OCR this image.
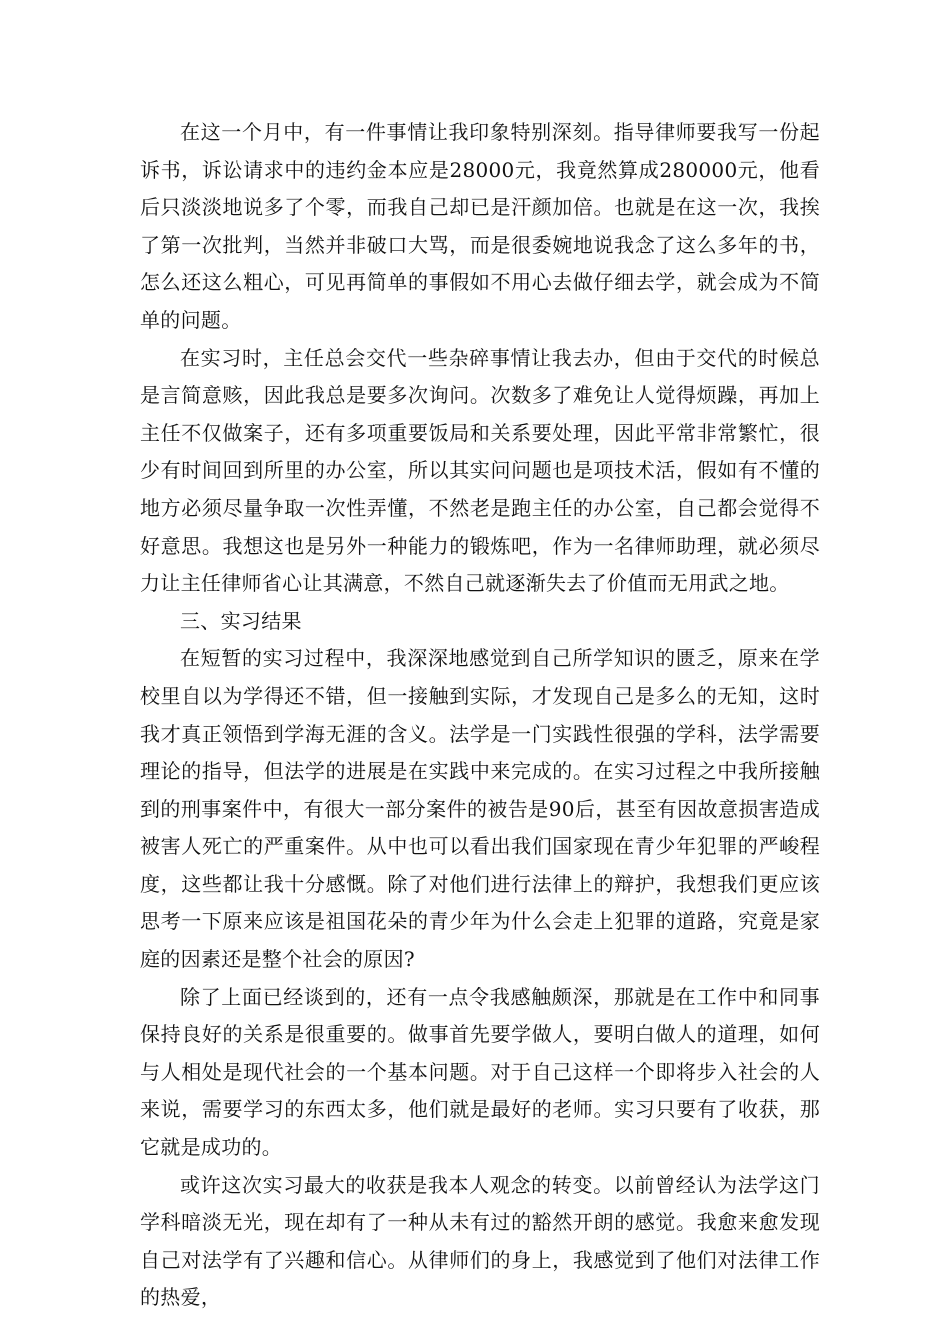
在这一个月中，有一件事情让我印象特别深刻。指导律师要我写一份起诉书，诉讼请求中的违约金本应是28000元，我竟然算成280000元，他看后只淡淡地说多了个零，而我自己却已是汗颜加倍。也就是在这一次，我挨了第一次批判，当然并非破口大骂，而是很委婉地说我念了这么多年的书，怎么还这么粗心，可见再简单的事假如不用心去做仔细去学，就会成为不简单的问题。

在实习时，主任总会交代一些杂碎事情让我去办，但由于交代的时候总是言简意赅，因此我总是要多次询问。次数多了难免让人觉得烦躁，再加上主任不仅做案子，还有多项重要饭局和关系要处理，因此平常非常繁忙，很少有时间回到所里的办公室，所以其实问问题也是项技术活，假如有不懂的地方必须尽量争取一次性弄懂，不然老是跑主任的办公室，自己都会觉得不好意思。我想这也是另外一种能力的锻炼吧，作为一名律师助理，就必须尽力让主任律师省心让其满意，不然自己就逐渐失去了价值而无用武之地。

三、实习结果

在短暂的实习过程中，我深深地感觉到自己所学知识的匮乏，原来在学校里自以为学得还不错，但一接触到实际，才发现自己是多么的无知，这时我才真正领悟到学海无涯的含义。法学是一门实践性很强的学科，法学需要理论的指导，但法学的进展是在实践中来完成的。在实习过程之中我所接触到的刑事案件中，有很大一部分案件的被告是90后，甚至有因故意损害造成被害人死亡的严重案件。从中也可以看出我们国家现在青少年犯罪的严峻程度，这些都让我十分感慨。除了对他们进行法律上的辩护，我想我们更应该思考一下原来应该是祖国花朵的青少年为什么会走上犯罪的道路，究竟是家庭的因素还是整个社会的原因?

除了上面已经谈到的，还有一点令我感触颇深，那就是在工作中和同事保持良好的关系是很重要的。做事首先要学做人，要明白做人的道理，如何与人相处是现代社会的一个基本问题。对于自己这样一个即将步入社会的人来说，需要学习的东西太多，他们就是最好的老师。实习只要有了收获，那它就是成功的。

或许这次实习最大的收获是我本人观念的转变。以前曾经认为法学这门学科暗淡无光，现在却有了一种从未有过的豁然开朗的感觉。我愈来愈发现自己对法学有了兴趣和信心。从律师们的身上，我感觉到了他们对法律工作的热爱，
